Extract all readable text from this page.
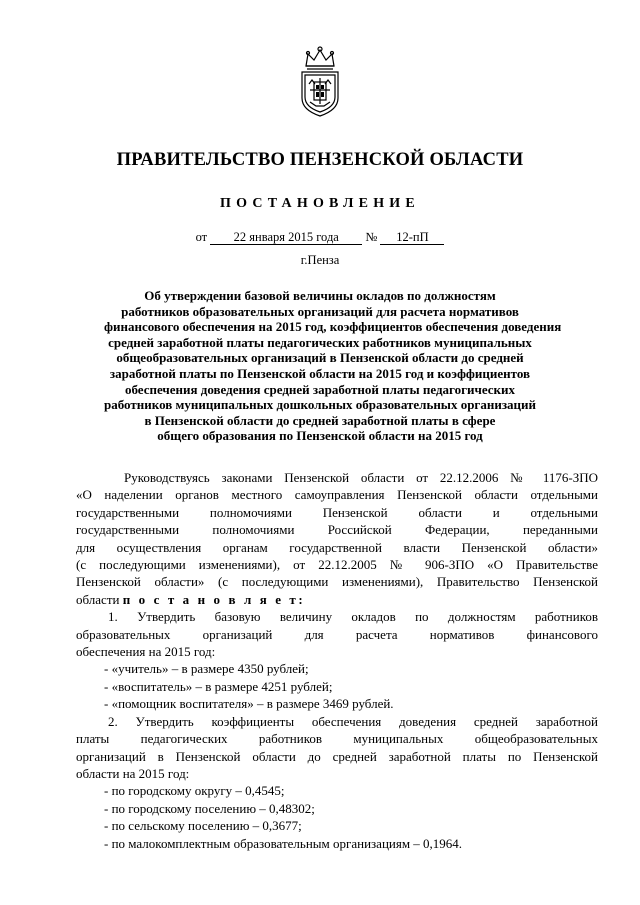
ПРАВИТЕЛЬСТВО ПЕНЗЕНСКОЙ ОБЛАСТИ
ПОСТАНОВЛЕНИЕ
от 22 января 2015 года № 12-пП
г.Пенза
Об утверждении базовой величины окладов по должностям
работников образовательных организаций для расчета нормативов
финансового обеспечения на 2015 год, коэффициентов обеспечения доведения
средней заработной платы педагогических работников муниципальных
общеобразовательных организаций в Пензенской области до средней
заработной платы по Пензенской области на 2015 год и коэффициентов
обеспечения доведения средней заработной платы педагогических
работников муниципальных дошкольных образовательных организаций
в Пензенской области до средней заработной платы в сфере
общего образования по Пензенской области на 2015 год

Руководствуясь законами Пензенской области от 22.12.2006 № 1176-ЗПО

«О наделении органов местного самоуправления Пензенской области отдельными

государственными полномочиями Пензенской области и отдельными

государственными полномочиями Российской Федерации, переданными

для осуществления органам государственной власти Пензенской области»

(с последующими изменениями), от 22.12.2005 № 906-ЗПО «О Правительстве

Пензенской области» (с последующими изменениями), Правительство Пензенской

области п о с т а н о в л я е т:

1. Утвердить базовую величину окладов по должностям работников

образовательных организаций для расчета нормативов финансового

обеспечения на 2015 год:

- «учитель» – в размере 4350 рублей;

- «воспитатель» – в размере 4251 рублей;

- «помощник воспитателя» – в размере 3469 рублей.

2. Утвердить коэффициенты обеспечения доведения средней заработной

платы педагогических работников муниципальных общеобразовательных

организаций в Пензенской области до средней заработной платы по Пензенской

области на 2015 год:

- по городскому округу – 0,4545;

- по городскому поселению – 0,48302;

- по сельскому поселению – 0,3677;

- по малокомплектным образовательным организациям – 0,1964.
